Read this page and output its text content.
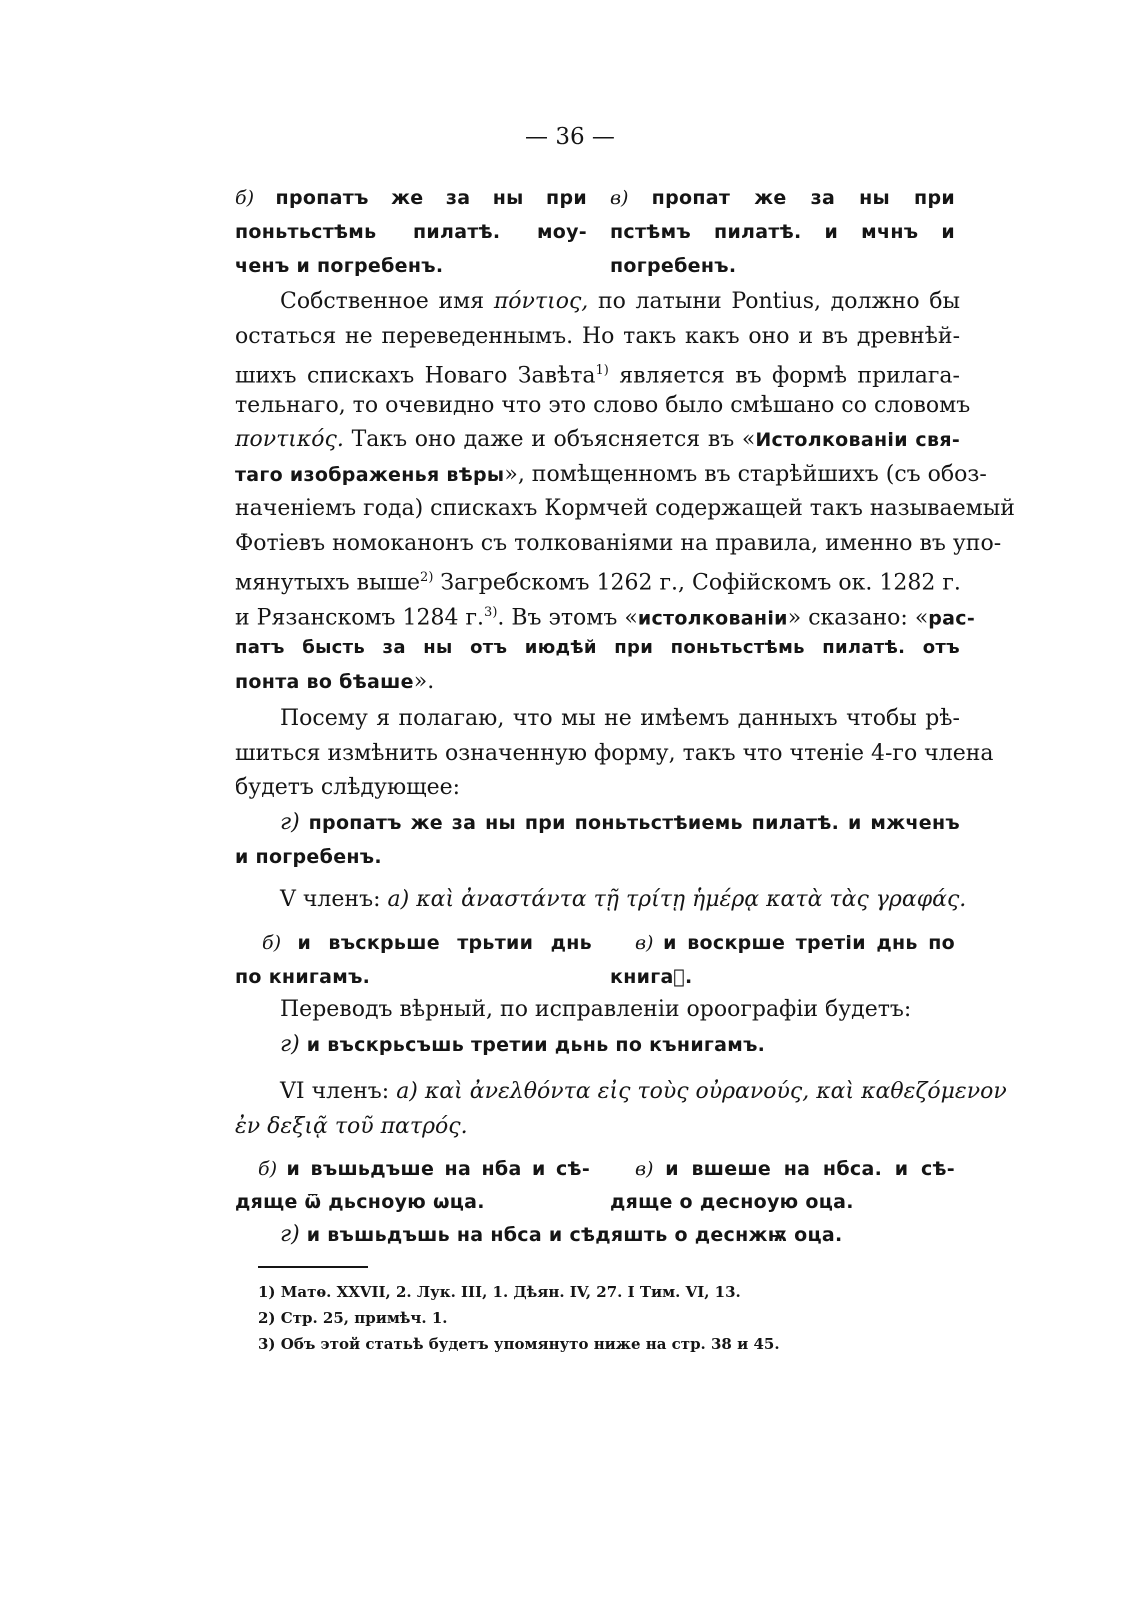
— 36 —
б) пропатъ же за ны при
поньтьстѣмь пилатѣ. моу-
ченъ и погребенъ.
в) пропат же за ны при
пстѣмъ пилатѣ. и мчнъ и
погребенъ.
Собственное имя πόντιος, по латыни Pontius, должно бы
остаться не переведеннымъ. Но такъ какъ оно и въ древнѣй-
шихъ спискахъ Новаго Завѣта$^{1)}$ является въ формѣ прилага-
тельнаго, то очевидно что это слово было смѣшано со словомъ
ποντικός. Такъ оно даже и объясняется въ «Истолкованiи свя-
таго изображенья вѣры», помѣщенномъ въ старѣйшихъ (съ обоз-
наченiемъ года) спискахъ Кормчей содержащей такъ называемый
Фотiевъ номоканонъ съ толкованiями на правила, именно въ упо-
мянутыхъ выше$^{2)}$ Загребскомъ 1262 г., Софiйскомъ ок. 1282 г.
и Рязанскомъ 1284 г.$^{3)}$. Въ этомъ «истолкованiи» сказано: «рас-
патъ бысть за ны отъ июдѣй при поньтьстѣмь пилатѣ. отъ
понта во бѣаше».
Посему я полагаю, что мы не имѣемъ данныхъ чтобы рѣ-
шиться измѣнить означенную форму, такъ что чтенiе 4-го члена
будетъ слѣдующее:
г) пропатъ же за ны при поньтьстѣиемь пилатѣ. и мжченъ
и погребенъ.
V членъ: а) καὶ ἀναστάντα τῇ τρίτῃ ἡμέρᾳ κατὰ τὰς γραφάς.
б) и въскрьше трьтии днь
по книгамъ.
в) и воскрше третiи днь по
книгаⷨ.
Переводъ вѣрный, по исправленiи ороографiи будетъ:
г) и въскрьсъшь третии дьнь по кънигамъ.
VI членъ: а) καὶ ἀνελθόντα εἰς τοὺς οὐρανούς, καὶ καθεζόμενον
ἐν δεξιᾷ τοῦ πατρός.
б) и въшьдъше на нба и сѣ-
дяще ѿ дьсноую ѡца.
в) и вшеше на нбса. и сѣ-
дяще о десноую оца.
г) и въшьдъшь на нбса и сѣдяшть о деснжѭ оца.
1) Матѳ. XXVII, 2. Лук. III, 1. Дѣян. IV, 27. I Тим. VI, 13.
2) Стр. 25, примѣч. 1.
3) Объ этой статьѣ будетъ упомянуто ниже на стр. 38 и 45.
